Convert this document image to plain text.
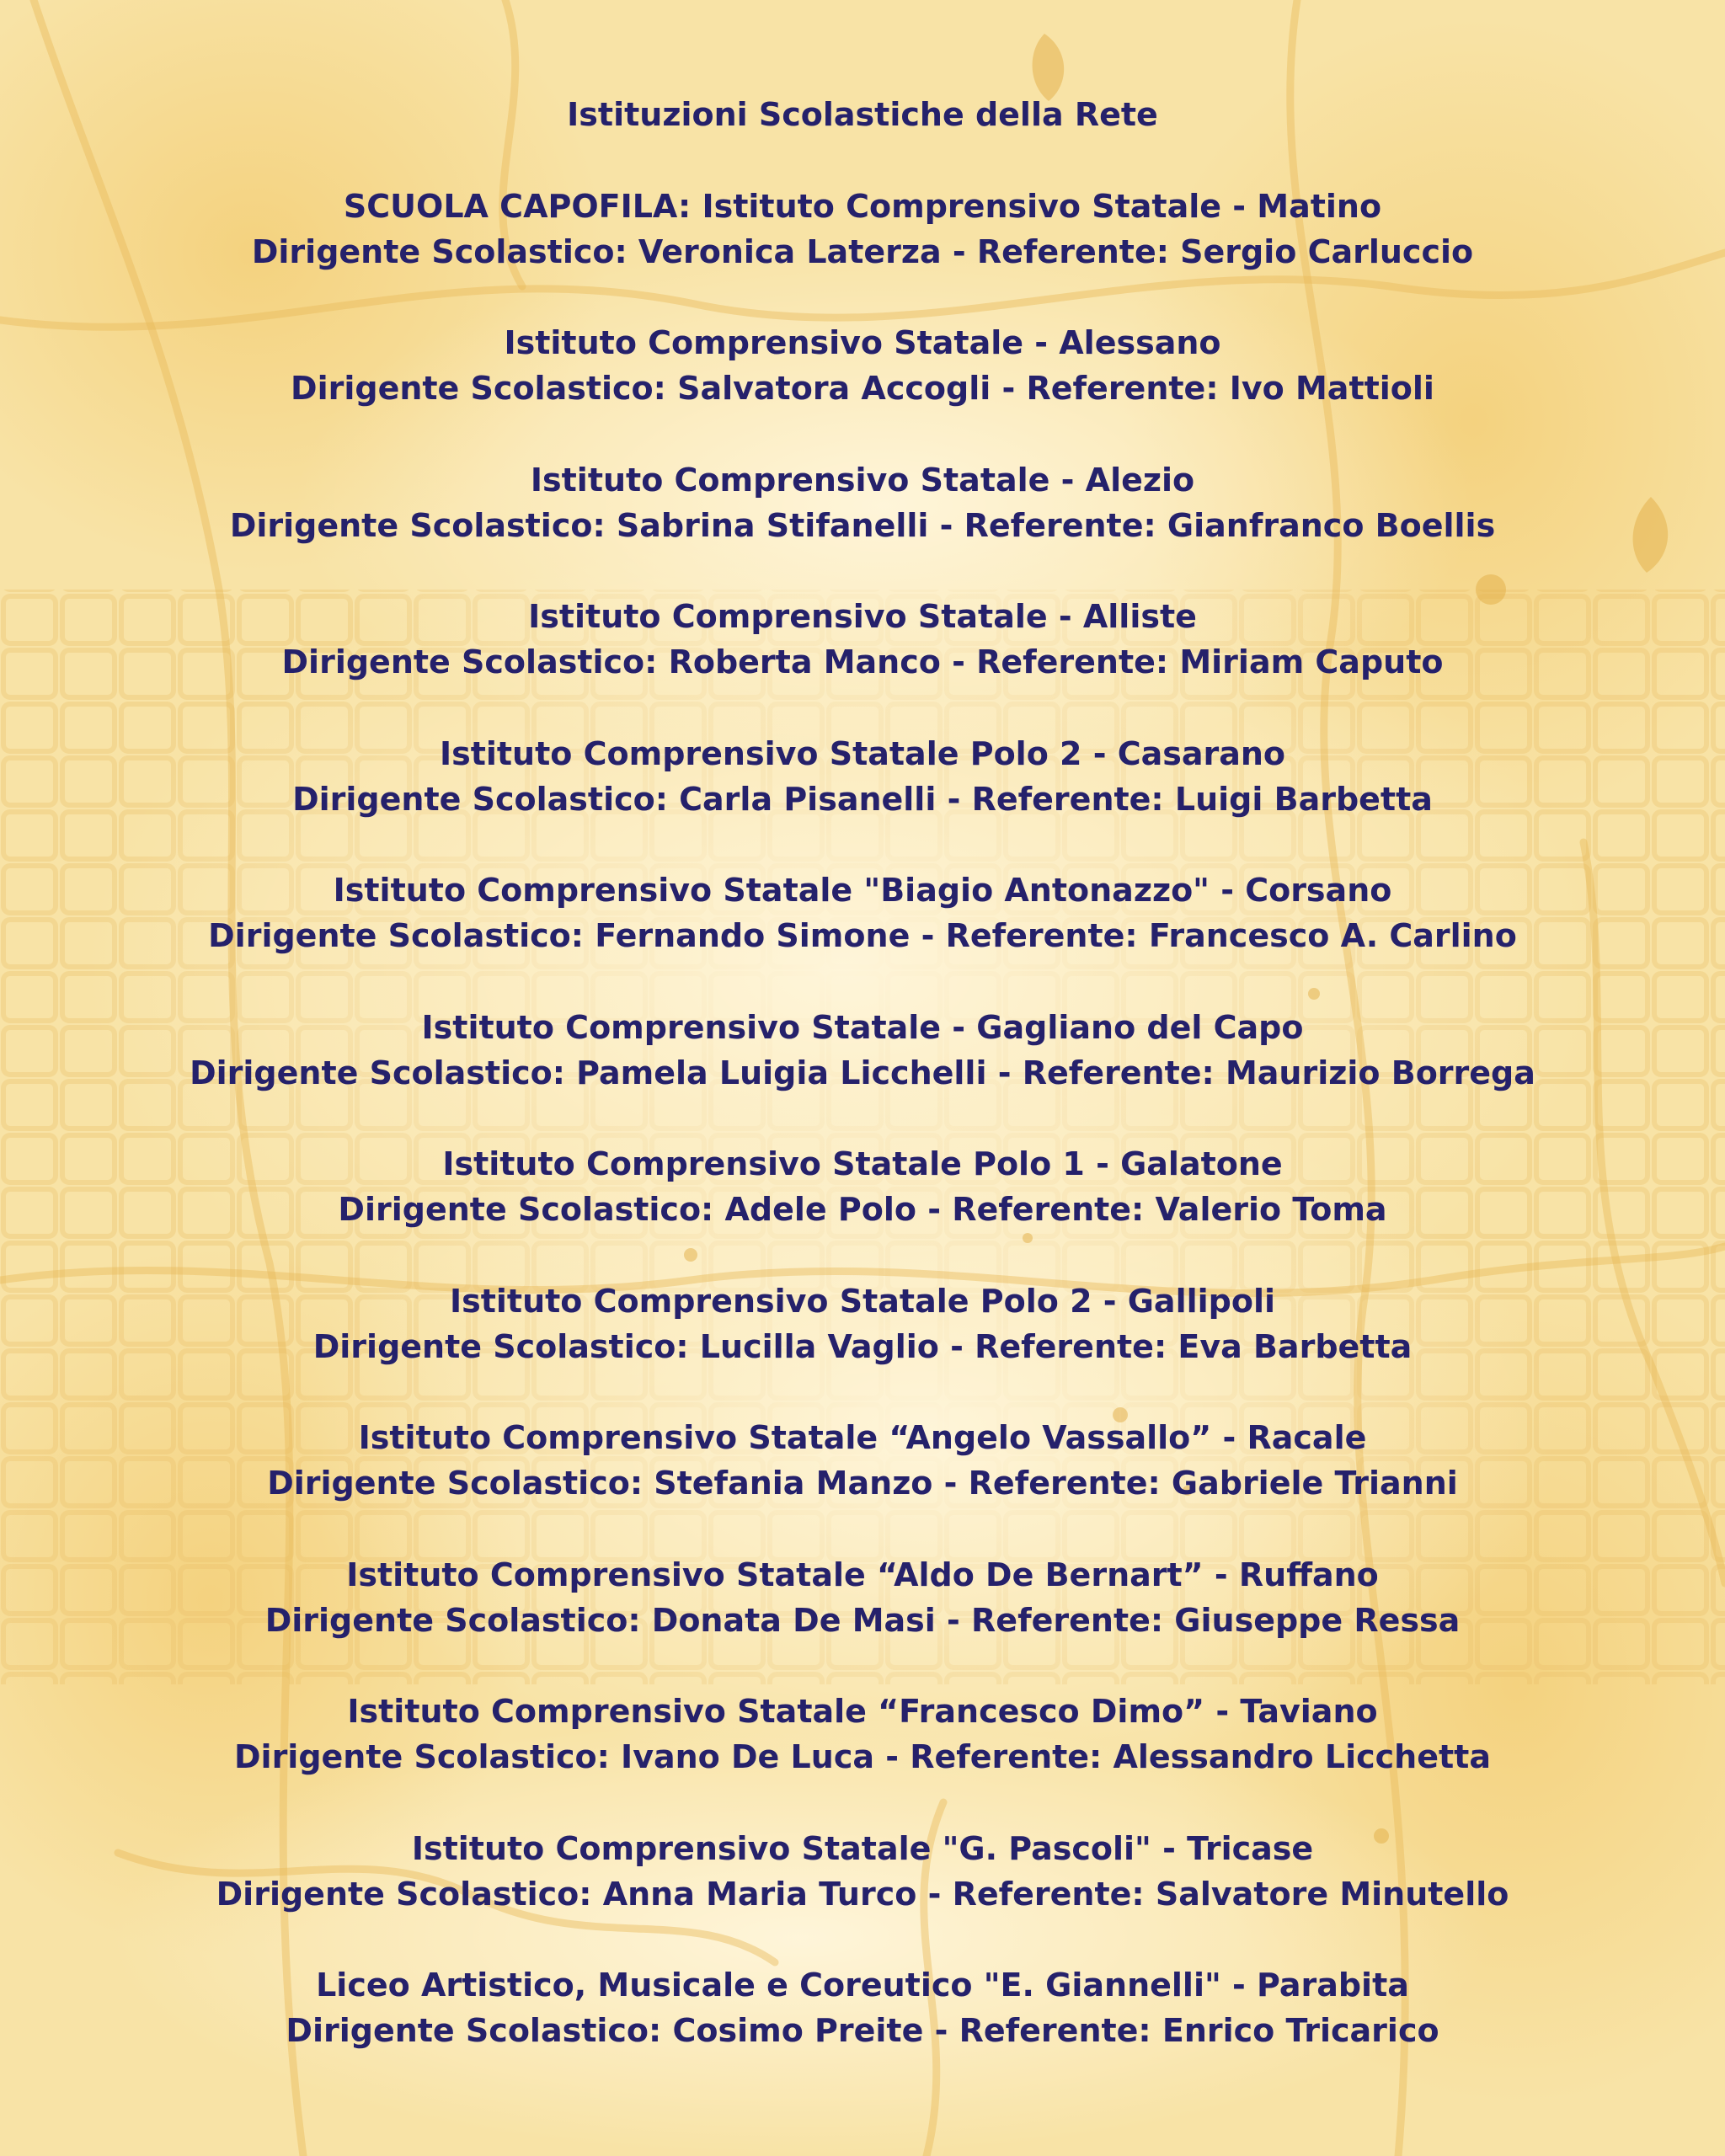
Istituzioni Scolastiche della Rete
SCUOLA CAPOFILA: Istituto Comprensivo Statale - Matino
Dirigente Scolastico: Veronica Laterza - Referente: Sergio Carluccio
Istituto Comprensivo Statale - Alessano
Dirigente Scolastico: Salvatora Accogli - Referente: Ivo Mattioli
Istituto Comprensivo Statale - Alezio
Dirigente Scolastico: Sabrina Stifanelli - Referente: Gianfranco Boellis
Istituto Comprensivo Statale - Alliste
Dirigente Scolastico: Roberta Manco - Referente: Miriam Caputo
Istituto Comprensivo Statale Polo 2 - Casarano
Dirigente Scolastico: Carla Pisanelli - Referente: Luigi Barbetta
Istituto Comprensivo Statale "Biagio Antonazzo" - Corsano
Dirigente Scolastico: Fernando Simone - Referente: Francesco A. Carlino
Istituto Comprensivo Statale - Gagliano del Capo
Dirigente Scolastico: Pamela Luigia Licchelli - Referente: Maurizio Borrega
Istituto Comprensivo Statale Polo 1 - Galatone
Dirigente Scolastico: Adele Polo - Referente: Valerio Toma
Istituto Comprensivo Statale Polo 2 - Gallipoli
Dirigente Scolastico: Lucilla Vaglio - Referente: Eva Barbetta
Istituto Comprensivo Statale “Angelo Vassallo” - Racale
Dirigente Scolastico: Stefania Manzo - Referente: Gabriele Trianni
Istituto Comprensivo Statale “Aldo De Bernart” - Ruffano
Dirigente Scolastico: Donata De Masi - Referente: Giuseppe Ressa
Istituto Comprensivo Statale “Francesco Dimo” - Taviano
Dirigente Scolastico: Ivano De Luca - Referente: Alessandro Licchetta
Istituto Comprensivo Statale "G. Pascoli" - Tricase
Dirigente Scolastico: Anna Maria Turco - Referente: Salvatore Minutello
Liceo Artistico, Musicale e Coreutico "E. Giannelli" - Parabita
Dirigente Scolastico: Cosimo Preite - Referente: Enrico Tricarico
